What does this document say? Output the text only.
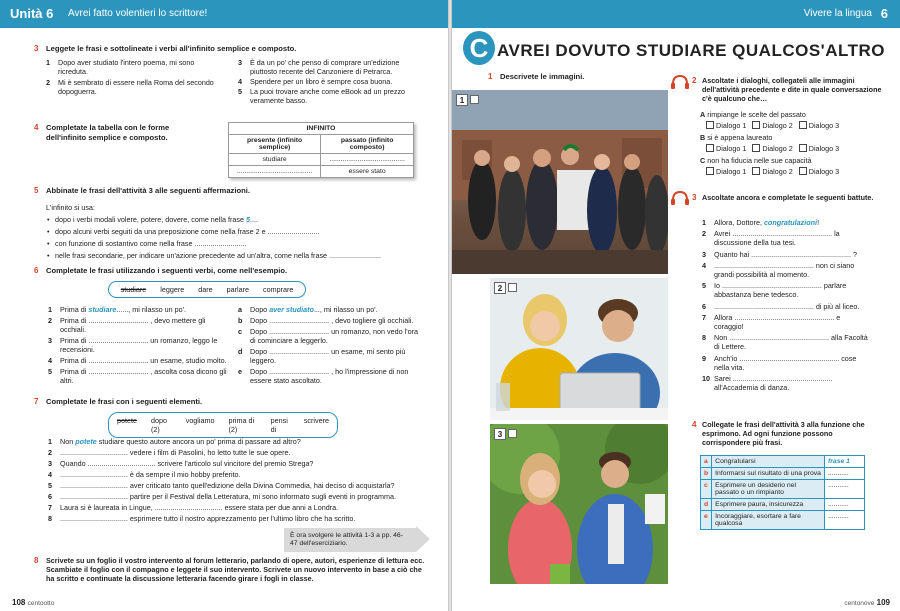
Unità 6 Avrei fatto volentieri lo scrittore!
3 Leggete le frasi e sottolineate i verbi all'infinito semplice e composto.
1	Dopo aver studiato l'intero poema, mi sono ricreduta.
2	Mi è sembrato di essere nella Roma del secondo dopoguerra.
3	È da un po' che penso di comprare un'edizione piuttosto recente del Canzoniere di Petrarca.
4	Spendere per un libro è sempre cosa buona.
5	La puoi trovare anche come eBook ad un prezzo veramente basso.
4 Completate la tabella con le forme dell'infinito semplice e composto.
INFINITO	
presente (infinito semplice)	passato (infinito composto)
studiare	........................................
........................................	essere stato
5 Abbinate le frasi dell'attività 3 alle seguenti affermazioni.
L'infinito si usa:
• dopo i verbi modali volere, potere, dovere, come nella frase 5....
• dopo alcuni verbi seguiti da una preposizione come nella frase 2 e ..........................
• con funzione di sostantivo come nella frase ..........................
• nelle frasi secondarie, per indicare un'azione precedente ad un'altra, come nella frase ..........................
6 Completate le frasi utilizzando i seguenti verbi, come nell'esempio.
studiare leggere dare parlare comprare
1	Prima di studiare......, mi rilasso un po'.
2	Prima di .............................. , devo mettere gli occhiali.
3	Prima di .............................. un romanzo, leggo le recensioni.
4	Prima di .............................. un esame, studio molto.
5	Prima di .............................. , ascolta cosa dicono gli altri.
a	Dopo aver studiato..., mi rilasso un po'.
b	Dopo .............................. , devo togliere gli occhiali.
c	Dopo .............................. un romanzo, non vedo l'ora di cominciare a leggerlo.
d	Dopo .............................. un esame, mi sento più leggero.
e	Dopo .............................. , ho l'impressione di non essere stato ascoltato.
7 Completate le frasi con i seguenti elementi.
potete dopo (2)
vogliamo prima di (2)
pensi di
scrivere
1	Non potete studiare questo autore ancora un po' prima di passare ad altro?
2	.................................. vedere i film di Pasolini, ho letto tutte le sue opere.
3	Quando .................................. scrivere l'articolo sul vincitore del premio Strega?
4	.................................. è da sempre il mio hobby preferito.
5	.................................. aver criticato tanto quell'edizione della Divina Commedia, hai deciso di acquistarla?
6	.................................. partire per il Festival della Letteratura, mi sono informato sugli eventi in programma.
7	Laura si è laureata in Lingue, .................................. essere stata per due anni a Londra.
8	.................................. esprimere tutto il nostro apprezzamento per l'ultimo libro che ha scritto.
È ora svolgere le attività 1-3 a pp. 46-47 dell'eserciziario.
8 Scrivete su un foglio il vostro intervento al forum letterario, parlando di opere, autori, esperienze di lettura ecc. Scambiate il foglio con il compagno e leggete il suo intervento. Scrivete un nuovo intervento in base a ciò che ha scritto e continuate la discussione letteraria facendo girare i fogli in classe.
108 centootto
Vivere la lingua 6
C AVREI DOVUTO STUDIARE QUALCOS'ALTRO
1 Descrivete le immagini.
1
2
3
20 2 Ascoltate i dialoghi, collegateli alle immagini dell'attività precedente e dite in quale conversazione c'è qualcuno che…
A rimpiange le scelte del passato
Dialogo 1 Dialogo 2 Dialogo 3
B si è appena laureato
Dialogo 1 Dialogo 2 Dialogo 3
C non ha fiducia nelle sue capacità
Dialogo 1 Dialogo 2 Dialogo 3
20 3 Ascoltate ancora e completate le seguenti battute.
1	Allora, Dottore, congratulazioni!
2	Avrei .................................................. la discussione della tua tesi.
3	Quanto hai .................................................. ?
4	.................................................. non ci siano grandi possibilità al momento.
5	Io .................................................. parlare abbastanza bene tedesco.
6	.................................................. di più al liceo.
7	Allora .................................................. e coraggio!
8	Non .................................................. alla Facoltà di Lettere.
9	Anch'io .................................................. cose nella vita.
10 Sarei .................................................. all'Accademia di danza.
4 Collegate le frasi dell'attività 3 alla funzione che esprimono. Ad ogni funzione possono corrispondere più frasi.
a	Congratularsi	frase 1
b	Informarsi sul risultato di una prova	...........
c	Esprimere un desiderio nel passato o un rimpianto	...........
d	Esprimere paura, insicurezza	...........
e	Incoraggiare, esortare a fare qualcosa	...........
centonove 109
